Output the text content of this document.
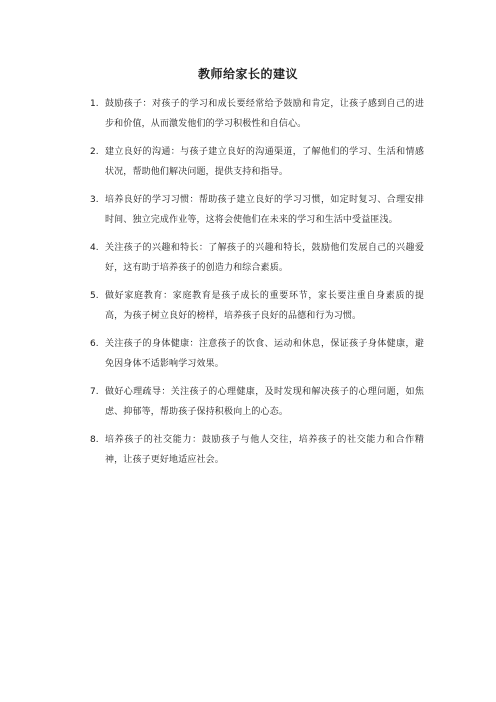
教师给家长的建议
1. 鼓励孩子：对孩子的学习和成长要经常给予鼓励和肯定，让孩子感到自己的进步和价值，从而激发他们的学习积极性和自信心。
2. 建立良好的沟通：与孩子建立良好的沟通渠道，了解他们的学习、生活和情感状况，帮助他们解决问题，提供支持和指导。
3. 培养良好的学习习惯：帮助孩子建立良好的学习习惯，如定时复习、合理安排时间、独立完成作业等，这将会使他们在未来的学习和生活中受益匪浅。
4. 关注孩子的兴趣和特长：了解孩子的兴趣和特长，鼓励他们发展自己的兴趣爱好，这有助于培养孩子的创造力和综合素质。
5. 做好家庭教育：家庭教育是孩子成长的重要环节，家长要注重自身素质的提高，为孩子树立良好的榜样，培养孩子良好的品德和行为习惯。
6. 关注孩子的身体健康：注意孩子的饮食、运动和休息，保证孩子身体健康，避免因身体不适影响学习效果。
7. 做好心理疏导：关注孩子的心理健康，及时发现和解决孩子的心理问题，如焦虑、抑郁等，帮助孩子保持积极向上的心态。
8. 培养孩子的社交能力：鼓励孩子与他人交往，培养孩子的社交能力和合作精神，让孩子更好地适应社会。
